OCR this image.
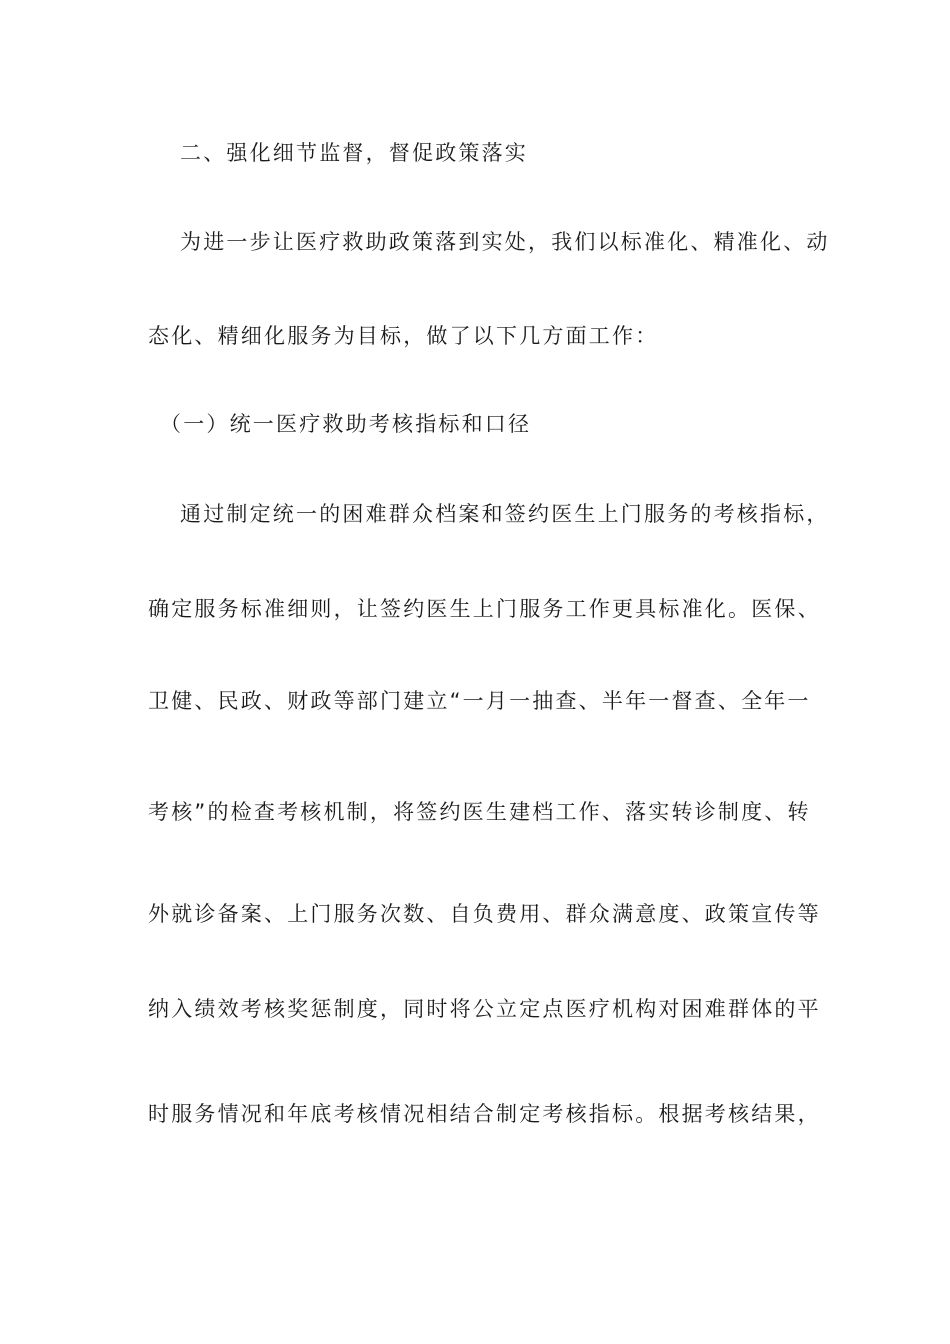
二、强化细节监督，督促政策落实
为进一步让医疗救助政策落到实处，我们以标准化、精准化、动
态化、精细化服务为目标，做了以下几方面工作：
（一）统一医疗救助考核指标和口径
通过制定统一的困难群众档案和签约医生上门服务的考核指标，
确定服务标准细则，让签约医生上门服务工作更具标准化。医保、
卫健、民政、财政等部门建立“一月一抽查、半年一督查、全年一
考核”的检查考核机制，将签约医生建档工作、落实转诊制度、转
外就诊备案、上门服务次数、自负费用、群众满意度、政策宣传等
纳入绩效考核奖惩制度，同时将公立定点医疗机构对困难群体的平
时服务情况和年底考核情况相结合制定考核指标。根据考核结果，
